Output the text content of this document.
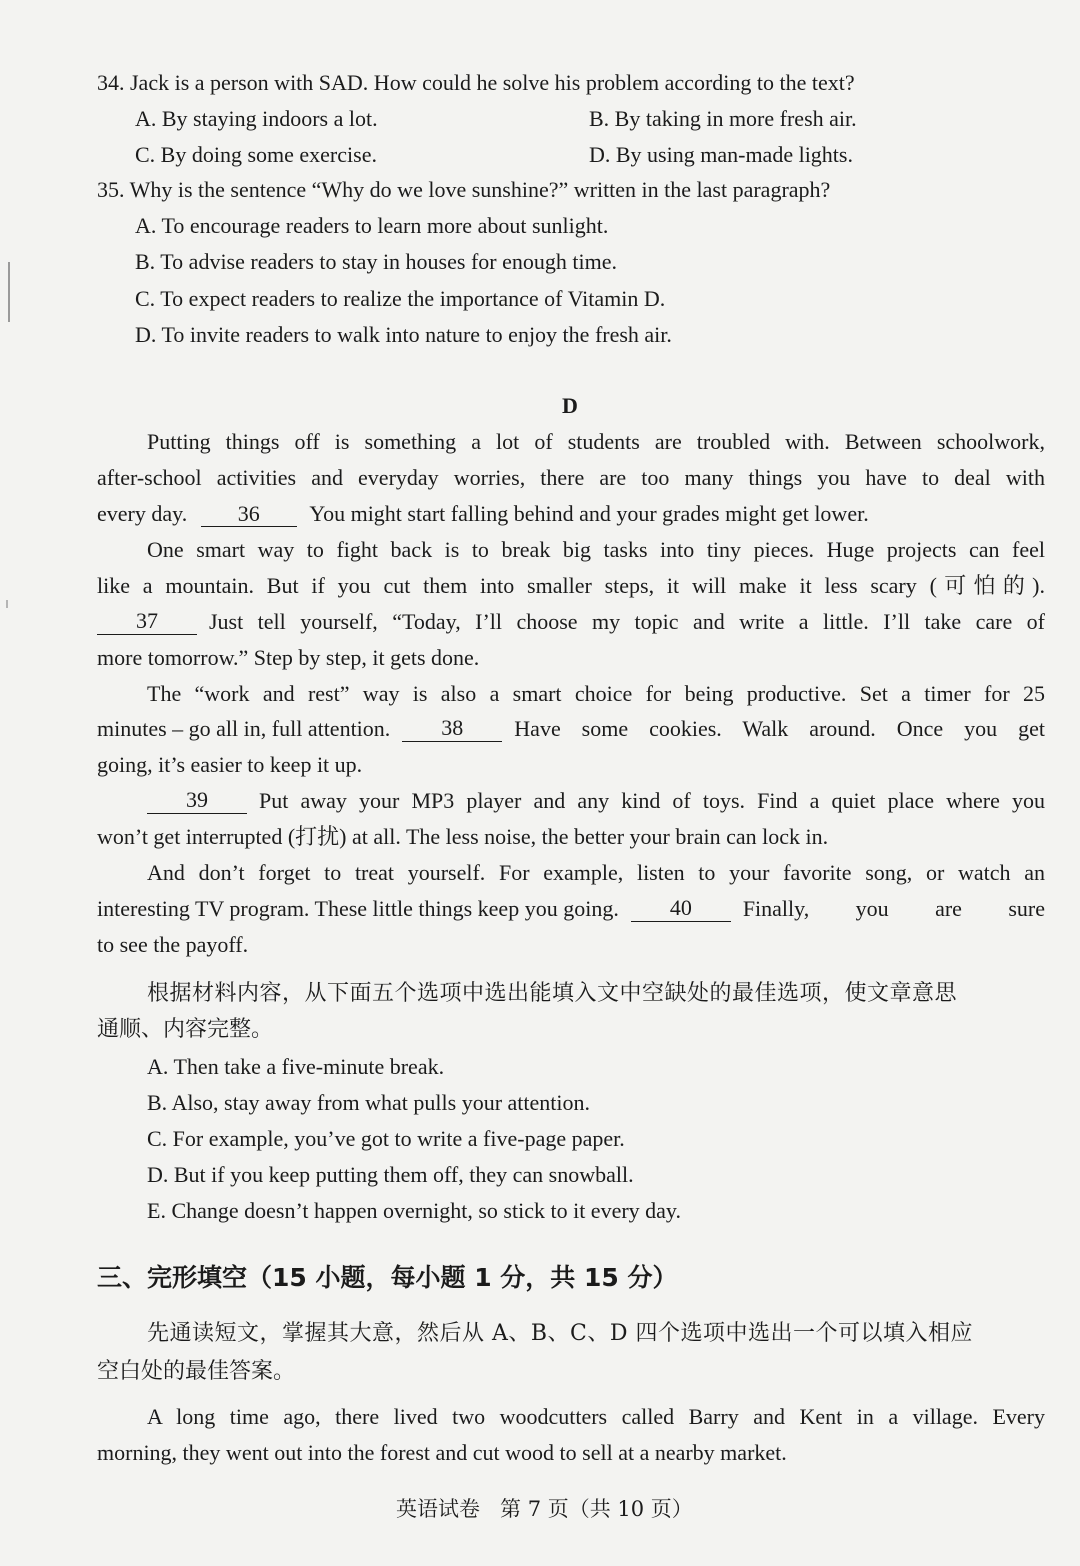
34. Jack is a person with SAD. How could he solve his problem according to the text?
A. By staying indoors a lot.	B. By taking in more fresh air.
C. By doing some exercise.	D. By using man-made lights.
35. Why is the sentence “Why do we love sunshine?” written in the last paragraph?
A. To encourage readers to learn more about sunlight.
B. To advise readers to stay in houses for enough time.
C. To expect readers to realize the importance of Vitamin D.
D. To invite readers to walk into nature to enjoy the fresh air.
D
Putting things off is something a lot of students are troubled with. Between schoolwork,
after-school activities and everyday worries, there are too many things you have to deal with
every day. 36 You might start falling behind and your grades might get lower.
One smart way to fight back is to break big tasks into tiny pieces. Huge projects can feel
like a mountain. But if you cut them into smaller steps, it will make it less scary (可怕的).
37	Just tell yourself, “Today, I’ll choose my topic and write a little. I’ll take care of
more tomorrow.” Step by step, it gets done.
The “work and rest” way is also a smart choice for being productive. Set a timer for 25
minutes – go all in, full attention.	38	Have some cookies. Walk around. Once you get
going, it’s easier to keep it up.
39	Put away your MP3 player and any kind of toys. Find a quiet place where you
won’t get interrupted (打扰) at all. The less noise, the better your brain can lock in.
And don’t forget to treat yourself. For example, listen to your favorite song, or watch an
interesting TV program. These little things keep you going.	40	Finally, you are sure
to see the payoff.
根据材料内容，从下面五个选项中选出能填入文中空缺处的最佳选项，使文章意思
通顺、内容完整。
A. Then take a five-minute break.
B. Also, stay away from what pulls your attention.
C. For example, you’ve got to write a five-page paper.
D. But if you keep putting them off, they can snowball.
E. Change doesn’t happen overnight, so stick to it every day.
三、完形填空（15 小题，每小题 1 分，共 15 分）
先通读短文，掌握其大意，然后从 A、B、C、D 四个选项中选出一个可以填入相应
空白处的最佳答案。
A long time ago, there lived two woodcutters called Barry and Kent in a village. Every
morning, they went out into the forest and cut wood to sell at a nearby market.
英语试卷   第 7 页（共 10 页）
